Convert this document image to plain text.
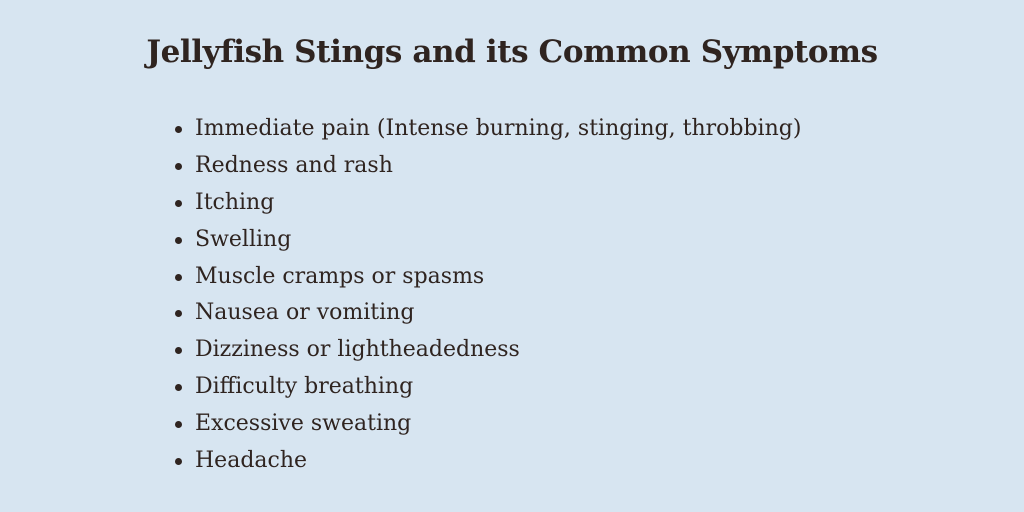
Jellyfish Stings and its Common Symptoms
Immediate pain (Intense burning, stinging, throbbing)
Redness and rash
Itching
Swelling
Muscle cramps or spasms
Nausea or vomiting
Dizziness or lightheadedness
Difficulty breathing
Excessive sweating
Headache
